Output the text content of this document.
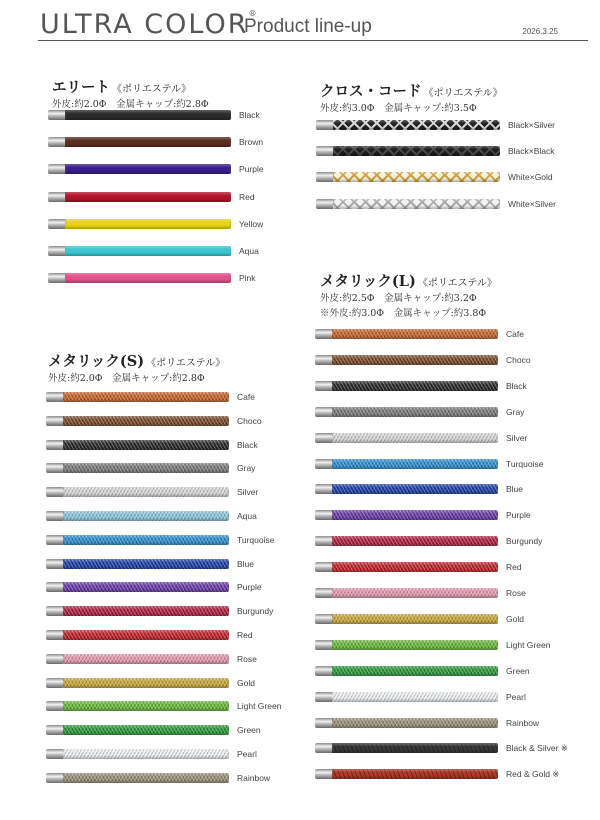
ULTRA COLOR®
Product line-up	2026.3.25
エリート 《ポリエステル》
外皮:約2.0Φ　金属キャップ:約2.8Φ
クロス・コード 《ポリエステル》
外皮:約3.0Φ　金属キャップ:約3.5Φ
メタリック(S) 《ポリエステル》
外皮:約2.0Φ　金属キャップ:約2.8Φ
メタリック(L) 《ポリエステル》
外皮:約2.5Φ　金属キャップ:約3.2Φ
※外皮:約3.0Φ　金属キャップ:約3.8Φ
Black
Brown
Purple
Red
Yellow
Aqua
Pink
Black×Silver
Black×Black
White×Gold
White×Silver
Cafe
Choco
Black
Gray
Silver
Aqua
Turquoise
Blue
Purple
Burgundy
Red
Rose
Gold
Light Green
Green
Pearl
Rainbow
Cafe
Choco
Black
Gray
Silver
Turquoise
Blue
Purple
Burgundy
Red
Rose
Gold
Light Green
Green
Pearl
Rainbow
Black & Silver ※
Red & Gold ※
